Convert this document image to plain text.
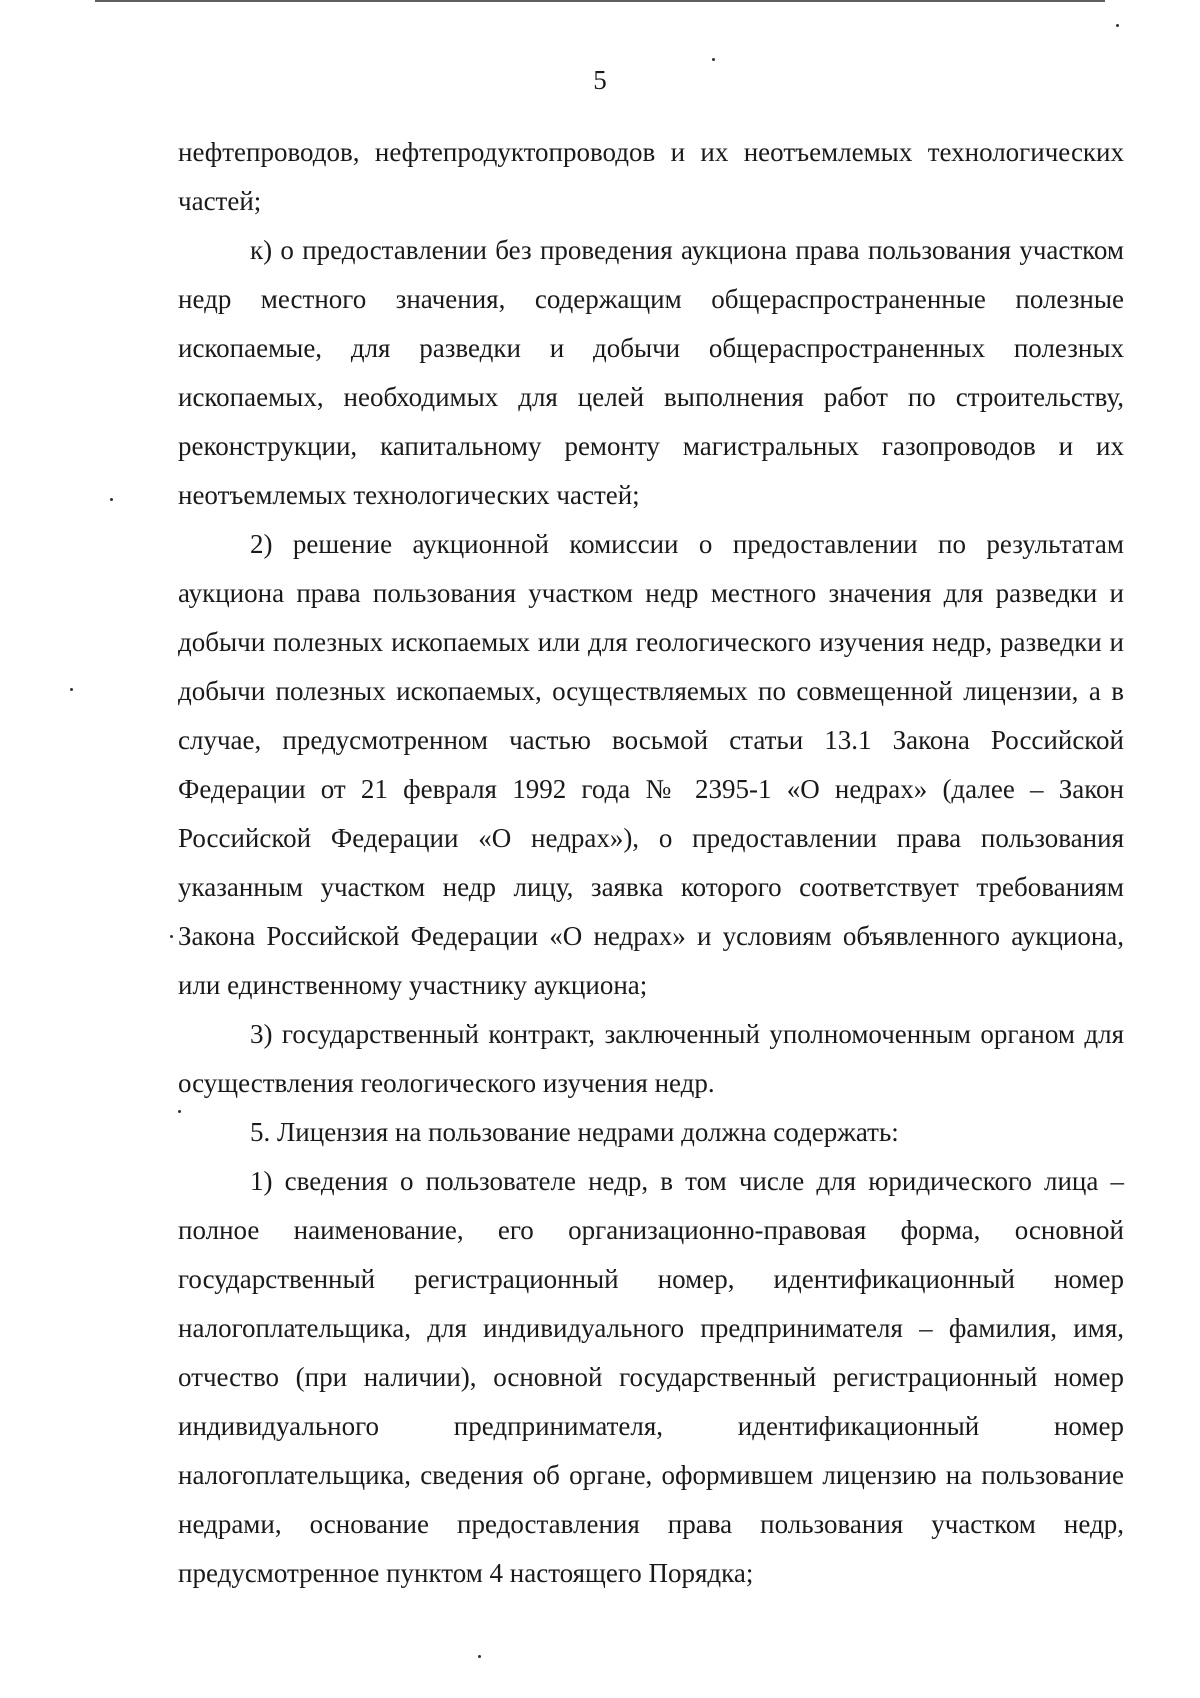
5

нефтепроводов, нефтепродуктопроводов и их неотъемлемых технологических частей;

к) о предоставлении без проведения аукциона права пользования участком недр местного значения, содержащим общераспространенные полезные ископаемые, для разведки и добычи общераспространенных полезных ископаемых, необходимых для целей выполнения работ по строительству, реконструкции, капитальному ремонту магистральных газопроводов и их неотъемлемых технологических частей;

2) решение аукционной комиссии о предоставлении по результатам аукциона права пользования участком недр местного значения для разведки и добычи полезных ископаемых или для геологического изучения недр, разведки и добычи полезных ископаемых, осуществляемых по совмещенной лицензии, а в случае, предусмотренном частью восьмой статьи 13.1 Закона Российской Федерации от 21 февраля 1992 года № 2395-1 «О недрах» (далее – Закон Российской Федерации «О недрах»), о предоставлении права пользования указанным участком недр лицу, заявка которого соответствует требованиям Закона Российской Федерации «О недрах» и условиям объявленного аукциона, или единственному участнику аукциона;

3) государственный контракт, заключенный уполномоченным органом для осуществления геологического изучения недр.

5. Лицензия на пользование недрами должна содержать:

1) сведения о пользователе недр, в том числе для юридического лица – полное наименование, его организационно-правовая форма, основной государственный регистрационный номер, идентификационный номер налогоплательщика, для индивидуального предпринимателя – фамилия, имя, отчество (при наличии), основной государственный регистрационный номер индивидуального предпринимателя, идентификационный номер налогоплательщика, сведения об органе, оформившем лицензию на пользование недрами, основание предоставления права пользования участком недр, предусмотренное пунктом 4 настоящего Порядка;
